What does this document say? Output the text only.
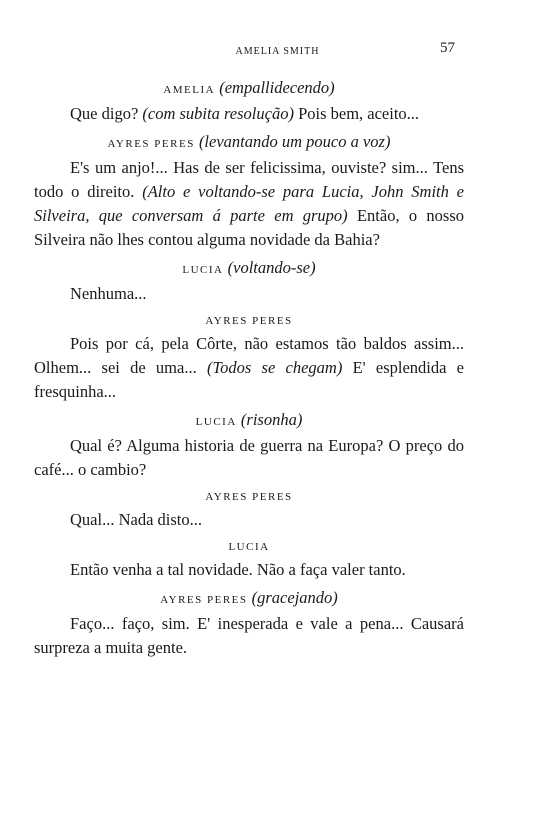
AMELIA SMITH	57

AMELIA (empallidecendo)

Que digo? (com subita resolução) Pois bem, aceito...

AYRES PERES (levantando um pouco a voz)

E's um anjo!... Has de ser felicissima, ouviste? sim... Tens todo o direito. (Alto e voltando-se para Lucia, John Smith e Silveira, que conversam á parte em grupo) Então, o nosso Silveira não lhes contou alguma novidade da Bahia?

LUCIA (voltando-se)

Nenhuma...

AYRES PERES

Pois por cá, pela Côrte, não estamos tão baldos assim... Olhem... sei de uma... (Todos se chegam) E' esplendida e fresquinha...

LUCIA (risonha)

Qual é? Alguma historia de guerra na Europa? O preço do café... o cambio?

AYRES PERES

Qual... Nada disto...

LUCIA

Então venha a tal novidade. Não a faça valer tanto.

AYRES PERES (gracejando)

Faço... faço, sim. E' inesperada e vale a pena... Causará surpreza a muita gente.
